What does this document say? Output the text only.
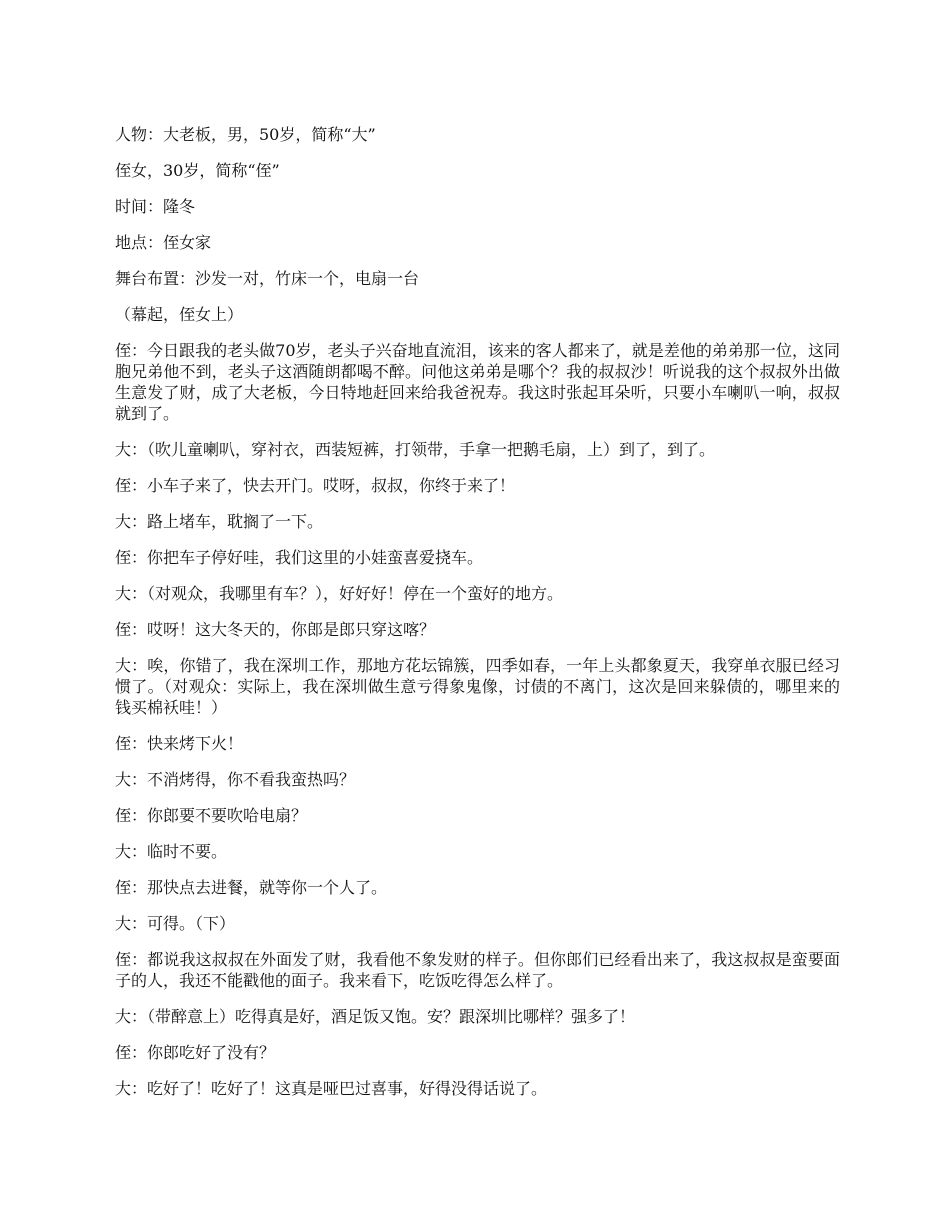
人物：大老板，男，50岁，简称“大”

侄女，30岁，简称“侄”

时间：隆冬

地点：侄女家

舞台布置：沙发一对，竹床一个，电扇一台

（幕起，侄女上）

侄：今日跟我的老头做70岁，老头子兴奋地直流泪，该来的客人都来了，就是差他的弟弟那一位，这同胞兄弟他不到，老头子这酒随朗都喝不醉。问他这弟弟是哪个？我的叔叔沙！听说我的这个叔叔外出做生意发了财，成了大老板，今日特地赶回来给我爸祝寿。我这时张起耳朵听，只要小车喇叭一响，叔叔就到了。

大：（吹儿童喇叭，穿衬衣，西装短裤，打领带，手拿一把鹅毛扇，上）到了，到了。

侄：小车子来了，快去开门。哎呀，叔叔，你终于来了！

大：路上堵车，耽搁了一下。

侄：你把车子停好哇，我们这里的小娃蛮喜爱挠车。

大：（对观众，我哪里有车？），好好好！停在一个蛮好的地方。

侄：哎呀！这大冬天的，你郎是郎只穿这喀？

大：唉，你错了，我在深圳工作，那地方花坛锦簇，四季如春，一年上头都象夏天，我穿单衣服已经习惯了。（对观众：实际上，我在深圳做生意亏得象鬼像，讨债的不离门，这次是回来躲债的，哪里来的钱买棉袄哇！）

侄：快来烤下火！

大：不消烤得，你不看我蛮热吗？

侄：你郎要不要吹哈电扇？

大：临时不要。

侄：那快点去进餐，就等你一个人了。

大：可得。（下）

侄：都说我这叔叔在外面发了财，我看他不象发财的样子。但你郎们已经看出来了，我这叔叔是蛮要面子的人，我还不能戳他的面子。我来看下，吃饭吃得怎么样了。

大：（带醉意上）吃得真是好，酒足饭又饱。安？跟深圳比哪样？强多了！

侄：你郎吃好了没有？

大：吃好了！吃好了！这真是哑巴过喜事，好得没得话说了。
